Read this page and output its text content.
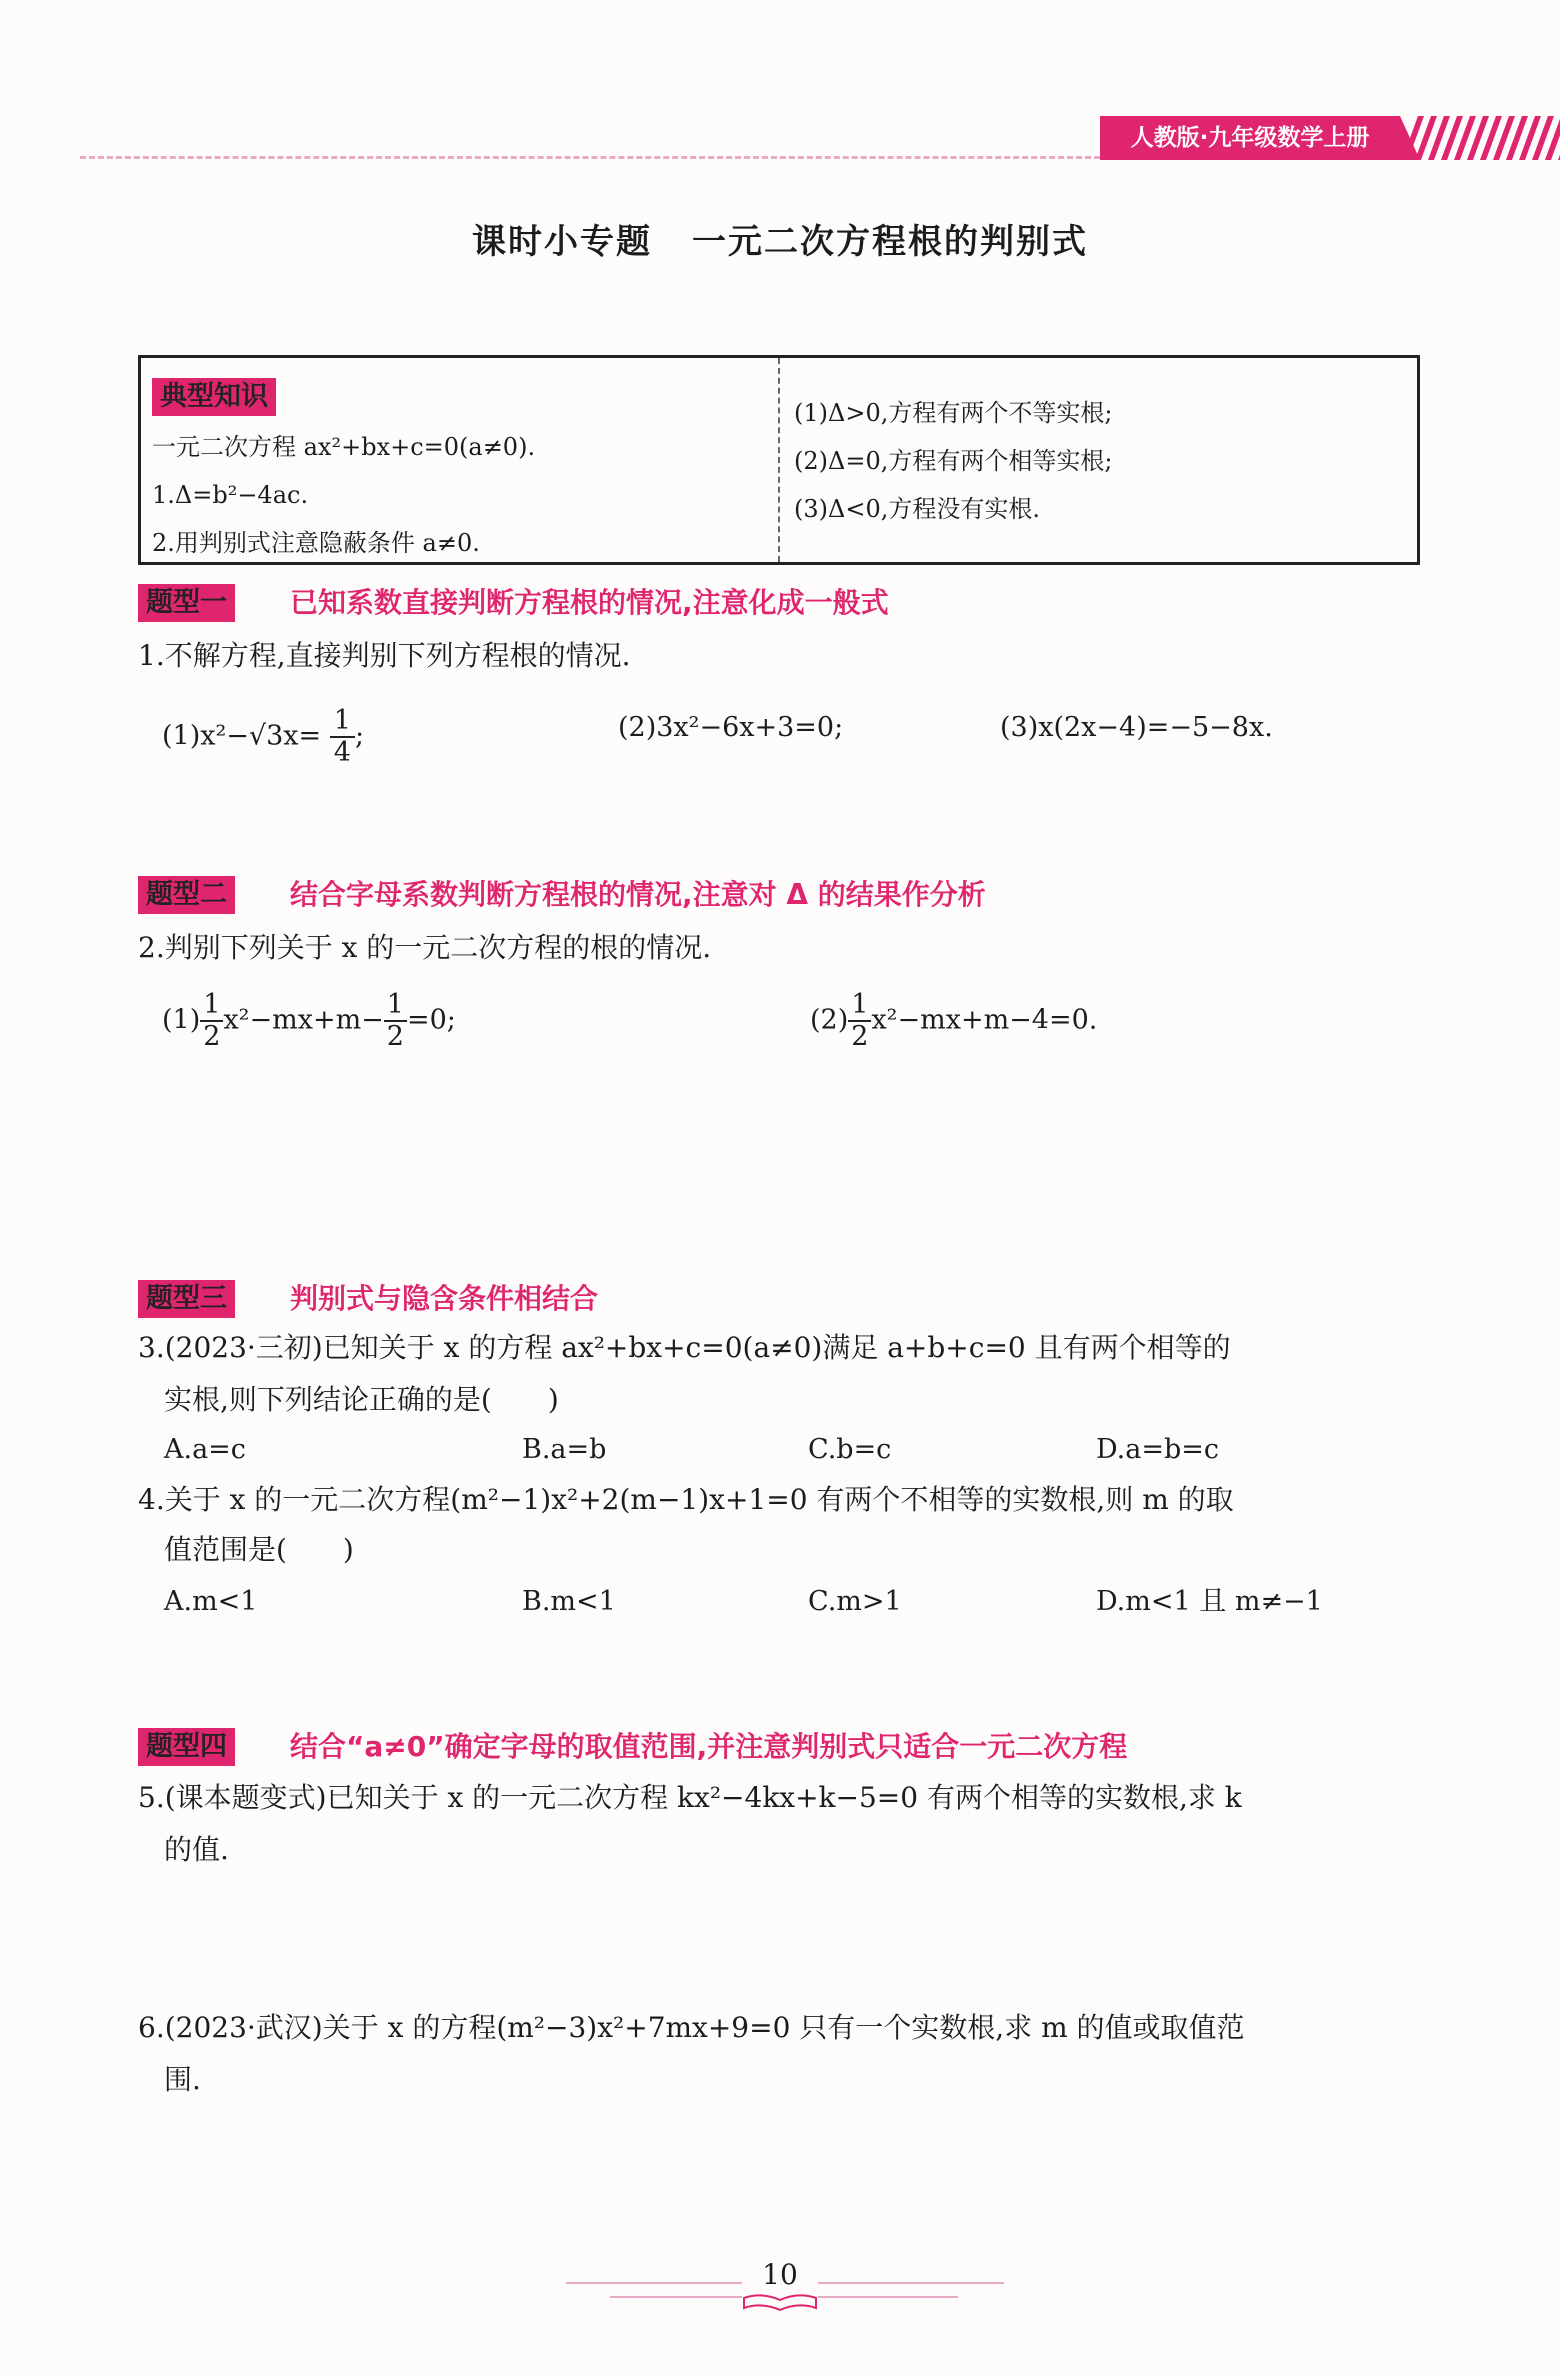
人教版·九年级数学上册
课时小专题 一元二次方程根的判别式
典型知识
一元二次方程 ax²+bx+c=0(a≠0).
1.Δ=b²−4ac.
2.用判别式注意隐蔽条件 a≠0.
(1)Δ>0,方程有两个不等实根;
(2)Δ=0,方程有两个相等实根;
(3)Δ<0,方程没有实根.
题型一 已知系数直接判断方程根的情况,注意化成一般式
1.不解方程,直接判别下列方程根的情况.
$(1)x^2-√3x= \frac{1}{4}$ ;	(2)3x²−6x+3=0;	(3)x(2x−4)=−5−8x.
题型二 结合字母系数判断方程根的情况,注意对 Δ 的结果作分析
2.判别下列关于 x 的一元二次方程的根的情况.
$(1) \frac{1}{2} x^2-mx+m- \frac{1}{2} =0$;	$(2) \frac{1}{2} x^2-mx+m-4=0$.
题型三 判别式与隐含条件相结合
3.(2023·三初)已知关于 x 的方程 ax²+bx+c=0(a≠0)满足 a+b+c=0 且有两个相等的
实根,则下列结论正确的是(　　)
A.a=c	B.a=b	C.b=c	D.a=b=c
4.关于 x 的一元二次方程(m²−1)x²+2(m−1)x+1=0 有两个不相等的实数根,则 m 的取
值范围是(　　)
A.m<1	B.m<1	C.m>1	D.m<1 且 m≠−1
题型四 结合“a≠0”确定字母的取值范围,并注意判别式只适合一元二次方程
5.(课本题变式)已知关于 x 的一元二次方程 kx²−4kx+k−5=0 有两个相等的实数根,求 k
的值.
6.(2023·武汉)关于 x 的方程(m²−3)x²+7mx+9=0 只有一个实数根,求 m 的值或取值范
围.
10
